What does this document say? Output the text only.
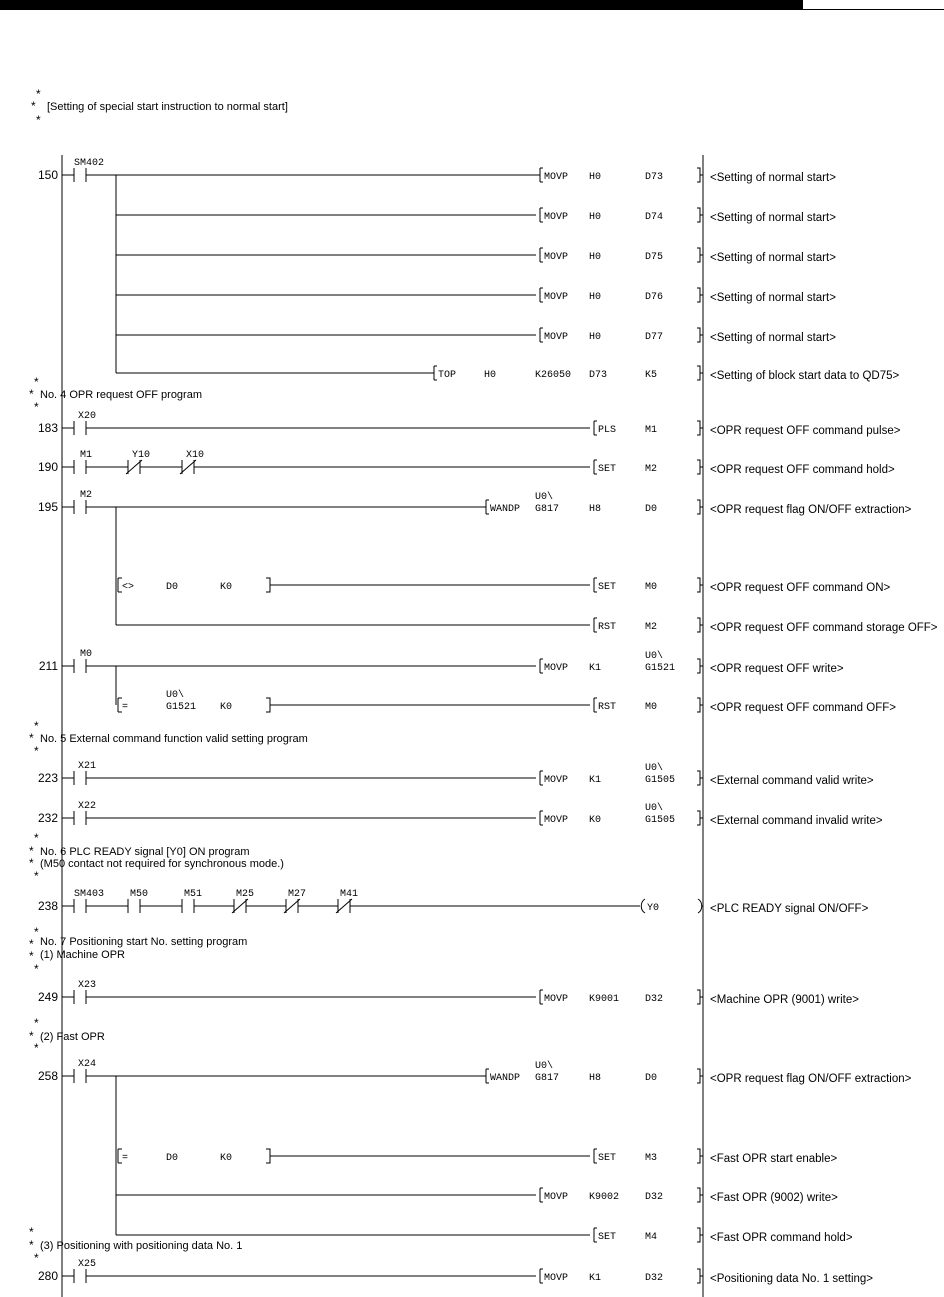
*
*
*
*
*
*
*
*
*
*
*
*
*
*
*
*
*
*
*
*
*
*
*
[Setting of special start instruction to normal start]
No. 4 OPR request OFF program
No. 5 External command function valid setting program
No. 6 PLC READY signal [Y0] ON program
(M50 contact not required for synchronous mode.)
No. 7 Positioning start No. setting program
(1) Machine OPR
(2) Fast OPR
(3) Positioning with positioning data No. 1
150
183
190
195
211
223
232
238
249
258
280
SM402
X20
M1	Y10	X10
M2
M0
X21
X22
SM403	M50	M51	M25	M27	M41
X23
X24
X25
<>	D0	K0
=
U0\
G1521 K0
=	D0	K0
MOVP H0	D73	<Setting of normal start>
MOVP H0	D74	<Setting of normal start>
MOVP H0	D75	<Setting of normal start>
MOVP H0	D76	<Setting of normal start>
MOVP H0	D77	<Setting of normal start>
TOP	H0	K26050 D73	K5	<Setting of block start data to QD75>
PLS	M1	<OPR request OFF command pulse>
SET	M2	<OPR request OFF command hold>
WANDP
U0\
G817	H8	D0	<OPR request flag ON/OFF extraction>
SET	M0	<OPR request OFF command ON>
RST	M2	<OPR request OFF command storage OFF>
MOVP K1
U0\
G1521	<OPR request OFF write>
RST	M0	<OPR request OFF command OFF>
MOVP K1
U0\
G1505	<External command valid write>
MOVP K0
U0\
G1505	<External command invalid write>
Y0	<PLC READY signal ON/OFF>
MOVP K9001	D32	<Machine OPR (9001) write>
WANDP
U0\
G817	H8	D0	<OPR request flag ON/OFF extraction>
SET	M3	<Fast OPR start enable>
MOVP K9002	D32	<Fast OPR (9002) write>
SET	M4	<Fast OPR command hold>
MOVP K1	D32	<Positioning data No. 1 setting>
